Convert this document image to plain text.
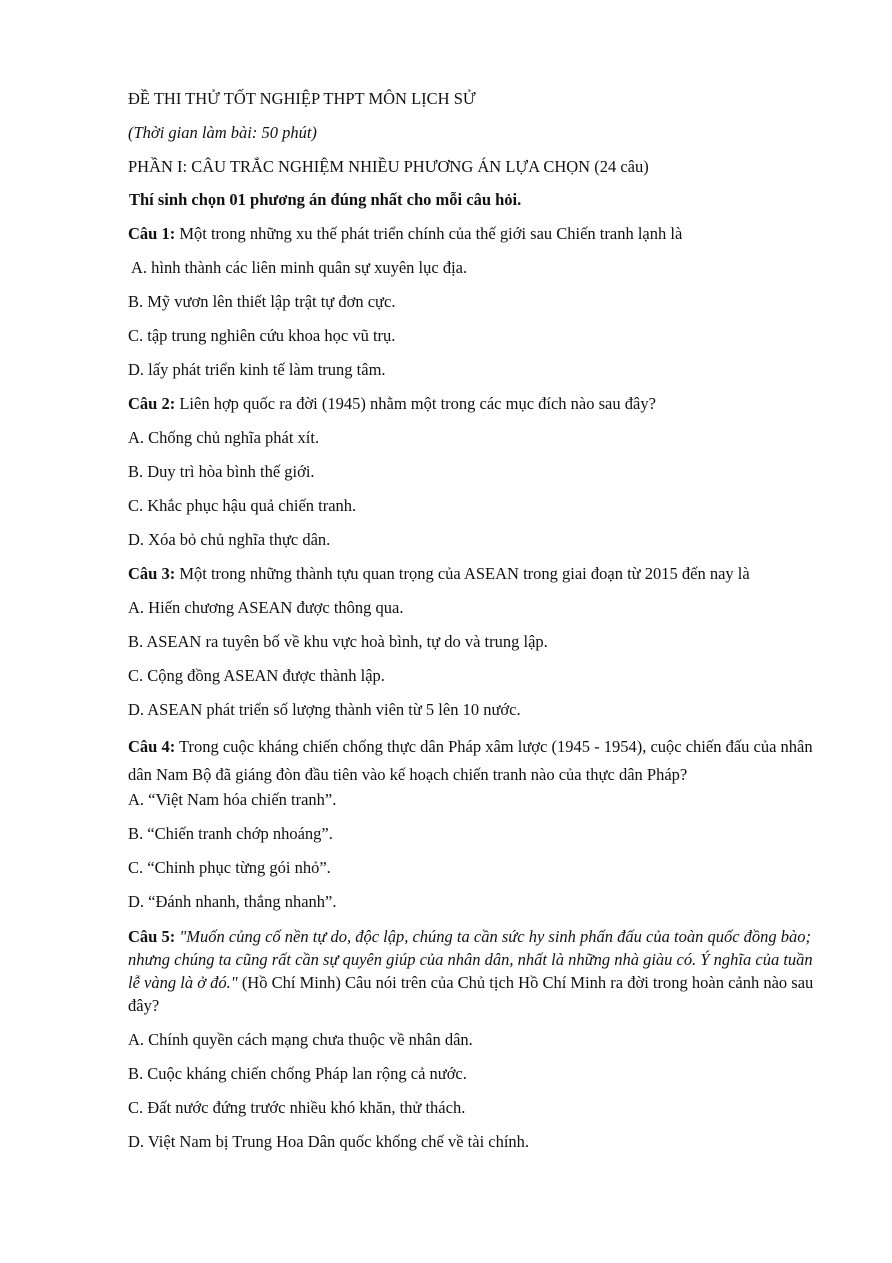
ĐỀ THI THỬ TỐT NGHIỆP THPT MÔN LỊCH SỬ

(Thời gian làm bài: 50 phút)

PHẦN I: CÂU TRẮC NGHIỆM NHIỀU PHƯƠNG ÁN LỰA CHỌN (24 câu)

Thí sinh chọn 01 phương án đúng nhất cho mỗi câu hỏi.

Câu 1: Một trong những xu thế phát triển chính của thế giới sau Chiến tranh lạnh là

A. hình thành các liên minh quân sự xuyên lục địa.

B. Mỹ vươn lên thiết lập trật tự đơn cực.

C. tập trung nghiên cứu khoa học vũ trụ.

D. lấy phát triển kinh tế làm trung tâm.

Câu 2: Liên hợp quốc ra đời (1945) nhằm một trong các mục đích nào sau đây?

A. Chống chủ nghĩa phát xít.

B. Duy trì hòa bình thế giới.

C. Khắc phục hậu quả chiến tranh.

D. Xóa bỏ chủ nghĩa thực dân.

Câu 3: Một trong những thành tựu quan trọng của ASEAN trong giai đoạn từ 2015 đến nay là

A. Hiến chương ASEAN được thông qua.

B. ASEAN ra tuyên bố về khu vực hoà bình, tự do và trung lập.

C. Cộng đồng ASEAN được thành lập.

D. ASEAN phát triển số lượng thành viên từ 5 lên 10 nước.

Câu 4: Trong cuộc kháng chiến chống thực dân Pháp xâm lược (1945 - 1954), cuộc chiến đấu của nhân dân Nam Bộ đã giáng đòn đầu tiên vào kế hoạch chiến tranh nào của thực dân Pháp?

A. “Việt Nam hóa chiến tranh”.

B. “Chiến tranh chớp nhoáng”.

C. “Chinh phục từng gói nhỏ”.

D. “Đánh nhanh, thắng nhanh”.

Câu 5: "Muốn củng cố nền tự do, độc lập, chúng ta cần sức hy sinh phấn đấu của toàn quốc đồng bào; nhưng chúng ta cũng rất cần sự quyên giúp của nhân dân, nhất là những nhà giàu có. Ý nghĩa của tuần lễ vàng là ở đó." (Hồ Chí Minh) Câu nói trên của Chủ tịch Hồ Chí Minh ra đời trong hoàn cảnh nào sau đây?

A. Chính quyền cách mạng chưa thuộc về nhân dân.

B. Cuộc kháng chiến chống Pháp lan rộng cả nước.

C. Đất nước đứng trước nhiều khó khăn, thử thách.

D. Việt Nam bị Trung Hoa Dân quốc khống chế về tài chính.
